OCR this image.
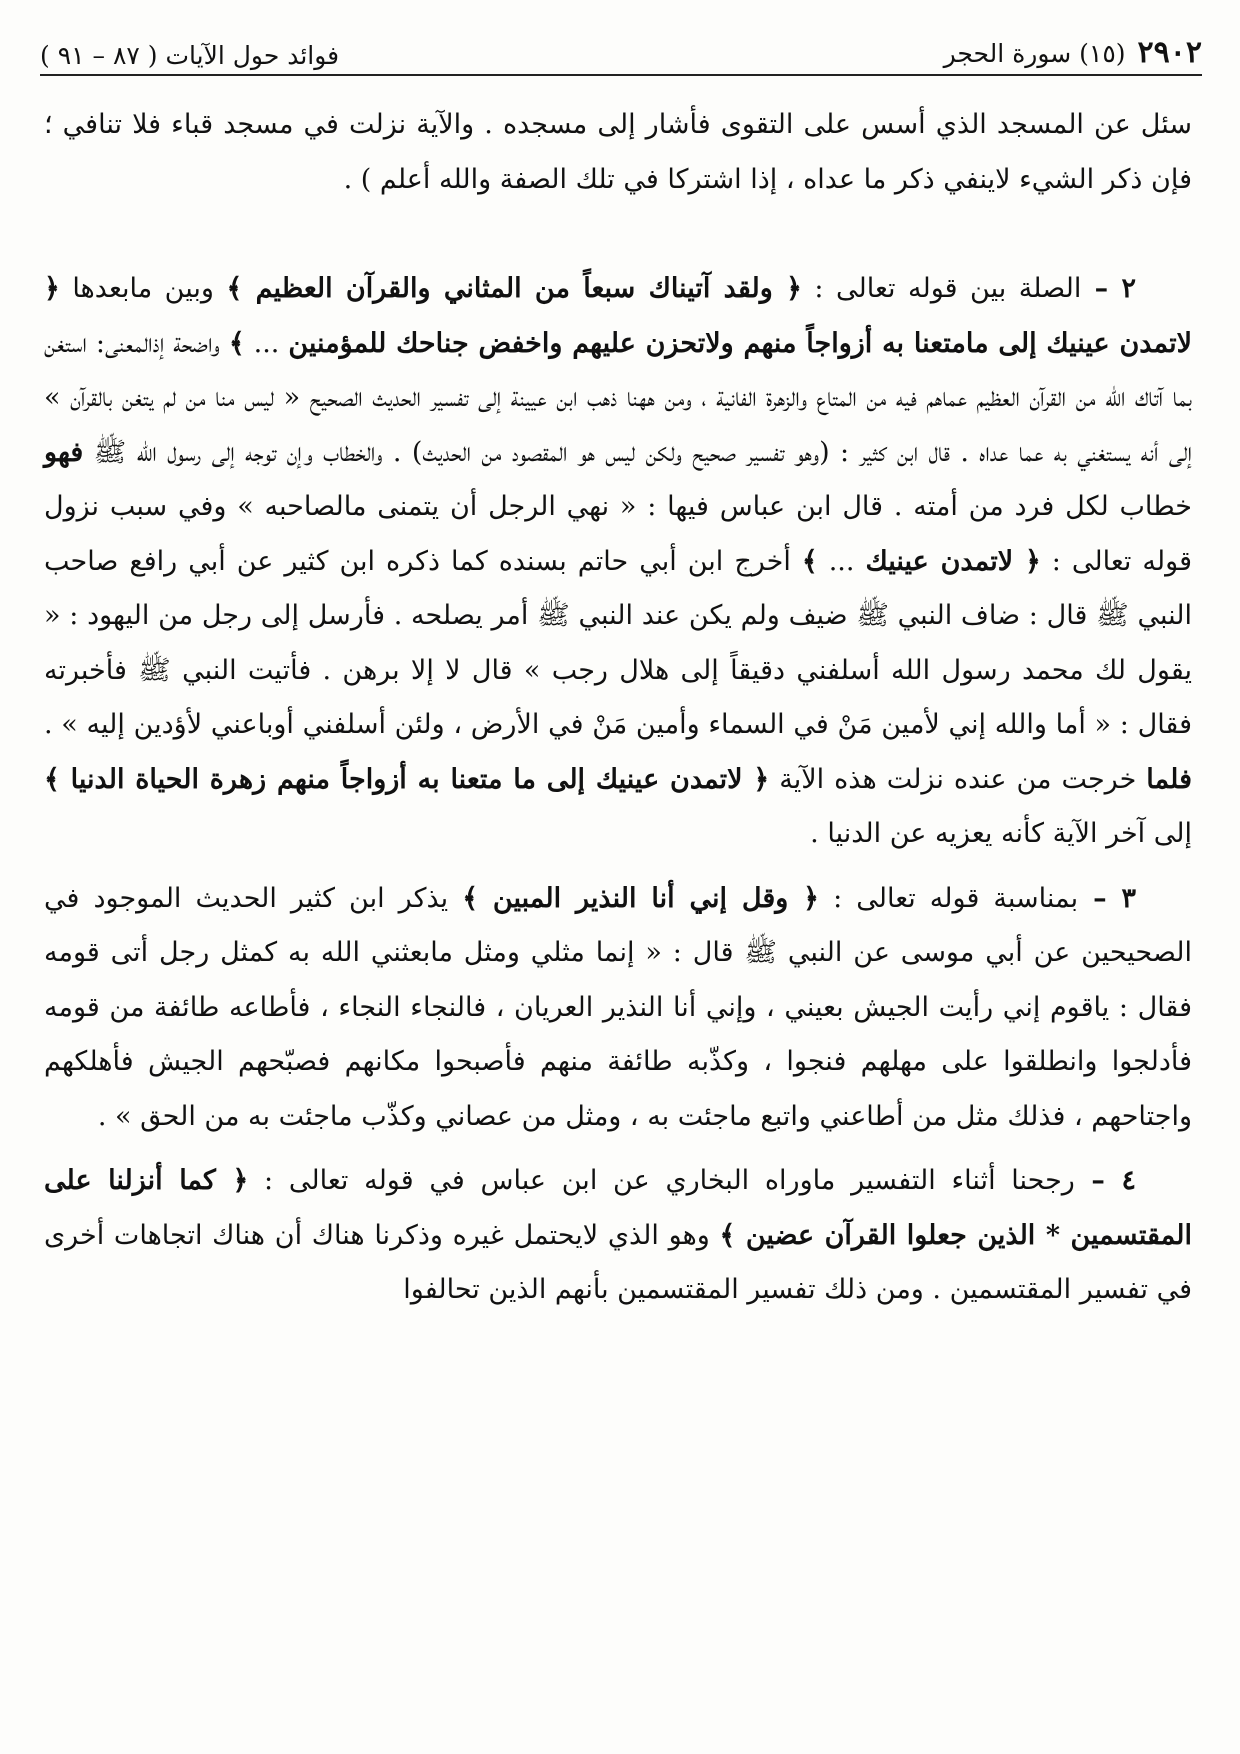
٢٩٠٢
(١٥) سورة الحجر
فوائد حول الآيات ( ٨٧ – ٩١ )

سئل عن المسجد الذي أسس على التقوى فأشار إلى مسجده . والآية نزلت في مسجد قباء فلا تنافي ؛ فإن ذكر الشيء لاينفي ذكر ما عداه ، إذا اشتركا في تلك الصفة والله أعلم ) .

٢ – الصلة بين قوله تعالى : ﴿ ولقد آتيناك سبعاً من المثاني والقرآن العظيم ﴾ وبين مابعدها ﴿ لاتمدن عينيك إلى مامتعنا به أزواجاً منهم ولاتحزن عليهم واخفض جناحك للمؤمنين ... ﴾ واضحة إذالمعنى: استغن بما آتاك الله من القرآن العظيم عماهم فيه من المتاع والزهرة الفانية ، ومن ههنا ذهب ابن عيينة إلى تفسير الحديث الصحيح « ليس منا من لم يتغن بالقرآن » إلى أنه يستغني به عما عداه . قال ابن كثير : (وهو تفسير صحيح ولكن ليس هو المقصود من الحديث) . والخطاب وإن توجه إلى رسول الله ﷺ فهو خطاب لكل فرد من أمته . قال ابن عباس فيها : « نهي الرجل أن يتمنى مالصاحبه » وفي سبب نزول قوله تعالى : ﴿ لاتمدن عينيك ... ﴾ أخرج ابن أبي حاتم بسنده كما ذكره ابن كثير عن أبي رافع صاحب النبي ﷺ قال : ضاف النبي ﷺ ضيف ولم يكن عند النبي ﷺ أمر يصلحه . فأرسل إلى رجل من اليهود : « يقول لك محمد رسول الله أسلفني دقيقاً إلى هلال رجب » قال لا إلا برهن . فأتيت النبي ﷺ فأخبرته فقال : « أما والله إني لأمين مَنْ في السماء وأمين مَنْ في الأرض ، ولئن أسلفني أوباعني لأؤدين إليه » . فلما خرجت من عنده نزلت هذه الآية ﴿ لاتمدن عينيك إلى ما متعنا به أزواجاً منهم زهرة الحياة الدنيا ﴾ إلى آخر الآية كأنه يعزيه عن الدنيا .

٣ – بمناسبة قوله تعالى : ﴿ وقل إني أنا النذير المبين ﴾ يذكر ابن كثير الحديث الموجود في الصحيحين عن أبي موسى عن النبي ﷺ قال : « إنما مثلي ومثل مابعثني الله به كمثل رجل أتى قومه فقال : ياقوم إني رأيت الجيش بعيني ، وإني أنا النذير العريان ، فالنجاء النجاء ، فأطاعه طائفة من قومه فأدلجوا وانطلقوا على مهلهم فنجوا ، وكذّبه طائفة منهم فأصبحوا مكانهم فصبّحهم الجيش فأهلكهم واجتاحهم ، فذلك مثل من أطاعني واتبع ماجئت به ، ومثل من عصاني وكذّب ماجئت به من الحق » .

٤ – رجحنا أثناء التفسير ماوراه البخاري عن ابن عباس في قوله تعالى : ﴿ كما أنزلنا على المقتسمين * الذين جعلوا القرآن عضين ﴾ وهو الذي لايحتمل غيره وذكرنا هناك أن هناك اتجاهات أخرى في تفسير المقتسمين . ومن ذلك تفسير المقتسمين بأنهم الذين تحالفوا
